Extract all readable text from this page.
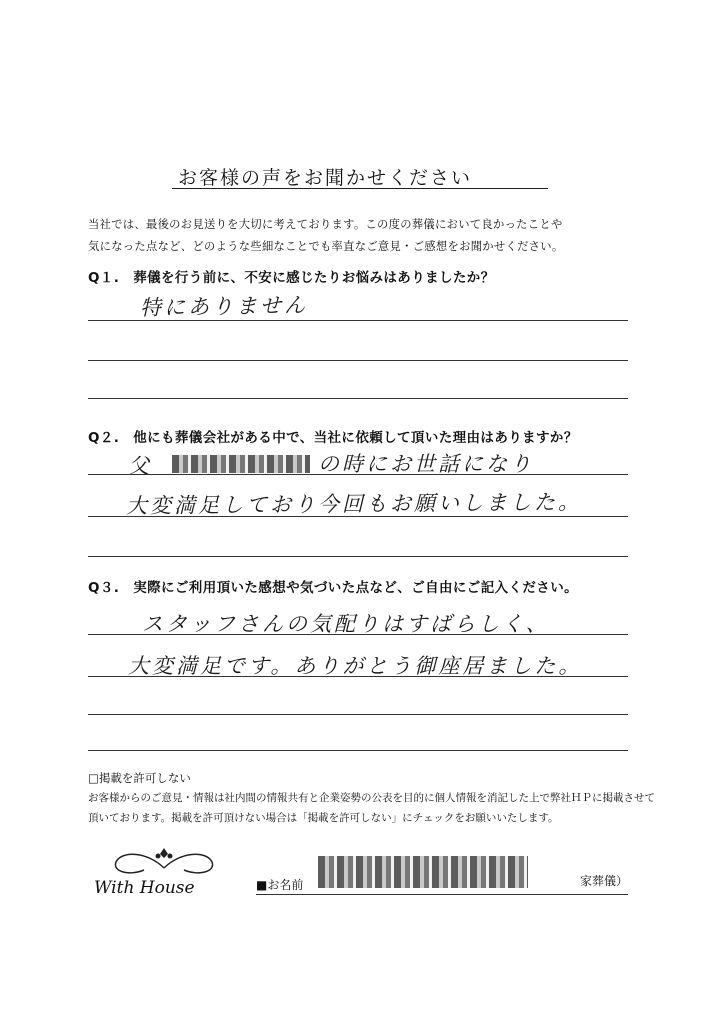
お客様の声をお聞かせください
当社では、最後のお見送りを大切に考えております。この度の葬儀において良かったことや
気になった点など、どのような些細なことでも率直なご意見・ご感想をお聞かせください。
Q１.　葬儀を行う前に、不安に感じたりお悩みはありましたか？
特にありません
Q２.　他にも葬儀会社がある中で、当社に依頼して頂いた理由はありますか？
父	の時にお世話になり
大変満足しており今回もお願いしました。
Q３.　実際にご利用頂いた感想や気づいた点など、ご自由にご記入ください。
スタッフさんの気配りはすばらしく、
大変満足です。ありがとう御座居ました。
□掲載を許可しない
お客様からのご意見・情報は社内間の情報共有と企業姿勢の公表を目的に個人情報を消記した上で弊社ＨＰに掲載させて
頂いております。掲載を許可頂けない場合は「掲載を許可しない」にチェックをお願いいたします。
With House	■お名前	家葬儀）
